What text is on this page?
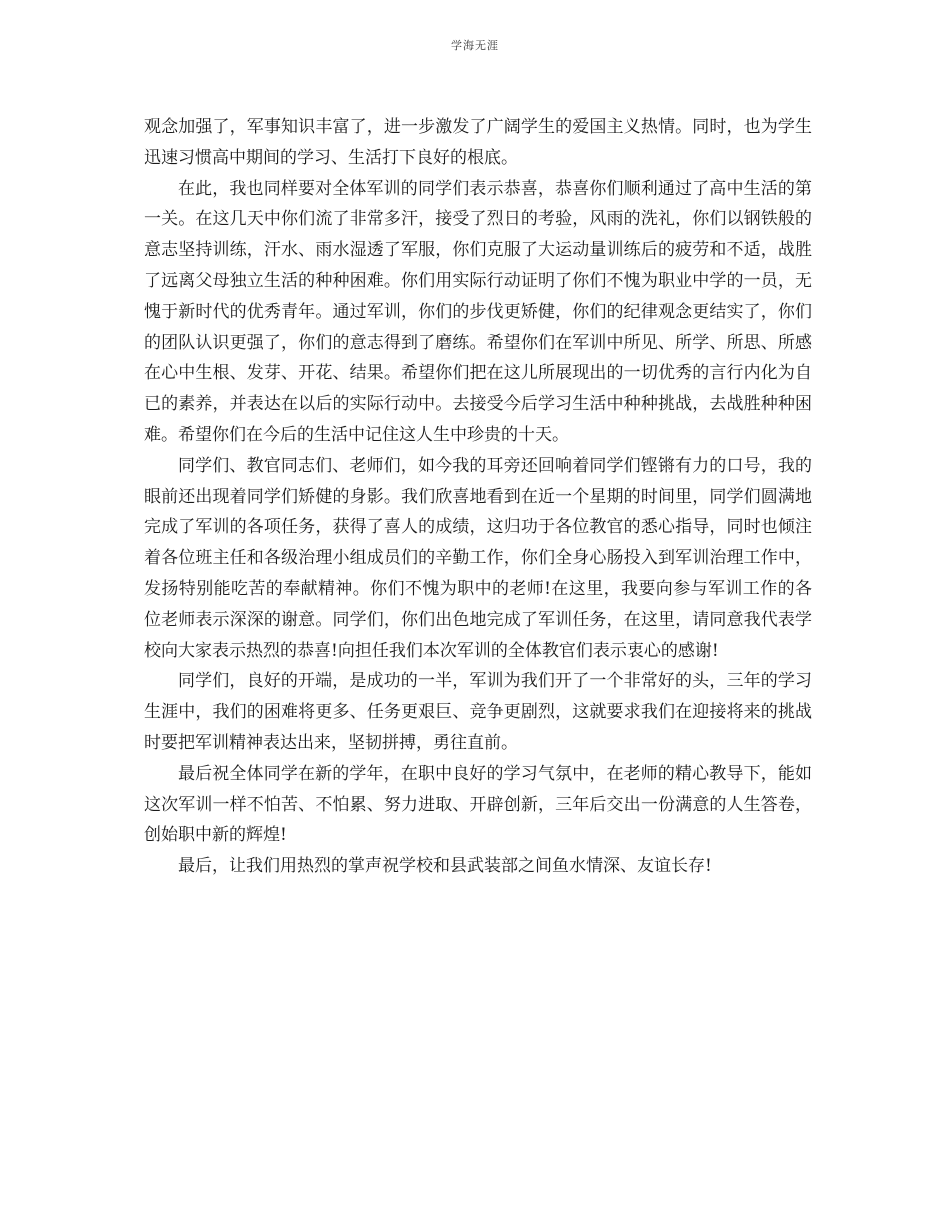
学海无涯

观念加强了，军事知识丰富了，进一步激发了广阔学生的爱国主义热情。同时，也为学生迅速习惯高中期间的学习、生活打下良好的根底。

在此，我也同样要对全体军训的同学们表示恭喜，恭喜你们顺利通过了高中生活的第一关。在这几天中你们流了非常多汗，接受了烈日的考验，风雨的洗礼，你们以钢铁般的意志坚持训练，汗水、雨水湿透了军服，你们克服了大运动量训练后的疲劳和不适，战胜了远离父母独立生活的种种困难。你们用实际行动证明了你们不愧为职业中学的一员，无愧于新时代的优秀青年。通过军训，你们的步伐更矫健，你们的纪律观念更结实了，你们的团队认识更强了，你们的意志得到了磨练。希望你们在军训中所见、所学、所思、所感在心中生根、发芽、开花、结果。希望你们把在这儿所展现出的一切优秀的言行内化为自已的素养，并表达在以后的实际行动中。去接受今后学习生活中种种挑战，去战胜种种困难。希望你们在今后的生活中记住这人生中珍贵的十天。

同学们、教官同志们、老师们，如今我的耳旁还回响着同学们铿锵有力的口号，我的眼前还出现着同学们矫健的身影。我们欣喜地看到在近一个星期的时间里，同学们圆满地完成了军训的各项任务，获得了喜人的成绩，这归功于各位教官的悉心指导，同时也倾注着各位班主任和各级治理小组成员们的辛勤工作，你们全身心肠投入到军训治理工作中，发扬特别能吃苦的奉献精神。你们不愧为职中的老师!在这里，我要向参与军训工作的各位老师表示深深的谢意。同学们，你们出色地完成了军训任务，在这里，请同意我代表学校向大家表示热烈的恭喜!向担任我们本次军训的全体教官们表示衷心的感谢!

同学们，良好的开端，是成功的一半，军训为我们开了一个非常好的头，三年的学习生涯中，我们的困难将更多、任务更艰巨、竞争更剧烈，这就要求我们在迎接将来的挑战时要把军训精神表达出来，坚韧拼搏，勇往直前。

最后祝全体同学在新的学年，在职中良好的学习气氛中，在老师的精心教导下，能如这次军训一样不怕苦、不怕累、努力进取、开辟创新，三年后交出一份满意的人生答卷，创始职中新的辉煌!

最后，让我们用热烈的掌声祝学校和县武装部之间鱼水情深、友谊长存!
